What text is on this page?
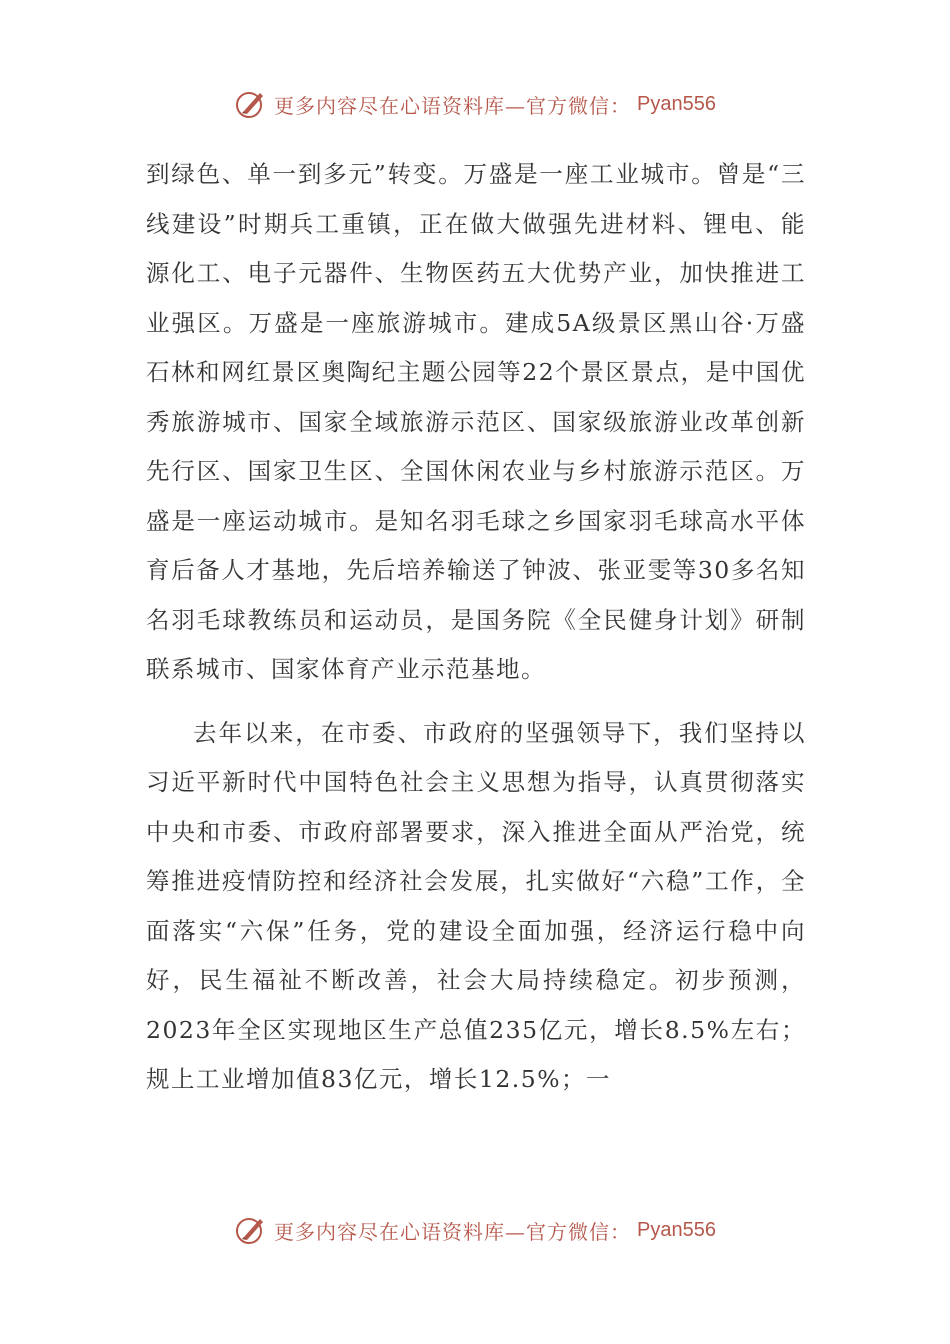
更多内容尽在心语资料库—官方微信： Pyan556

到绿色、单一到多元”转变。万盛是一座工业城市。曾是“三线建设”时期兵工重镇，正在做大做强先进材料、锂电、能源化工、电子元器件、生物医药五大优势产业，加快推进工业强区。万盛是一座旅游城市。建成5A级景区黑山谷·万盛石林和网红景区奥陶纪主题公园等22个景区景点，是中国优秀旅游城市、国家全域旅游示范区、国家级旅游业改革创新先行区、国家卫生区、全国休闲农业与乡村旅游示范区。万盛是一座运动城市。是知名羽毛球之乡国家羽毛球高水平体育后备人才基地，先后培养输送了钟波、张亚雯等30多名知名羽毛球教练员和运动员，是国务院《全民健身计划》研制联系城市、国家体育产业示范基地。

去年以来，在市委、市政府的坚强领导下，我们坚持以习近平新时代中国特色社会主义思想为指导，认真贯彻落实中央和市委、市政府部署要求，深入推进全面从严治党，统筹推进疫情防控和经济社会发展，扎实做好“六稳”工作，全面落实“六保”任务，党的建设全面加强，经济运行稳中向好，民生福祉不断改善，社会大局持续稳定。初步预测，2023年全区实现地区生产总值235亿元，增长8.5%左右；规上工业增加值83亿元，增长12.5%；一

更多内容尽在心语资料库—官方微信： Pyan556
